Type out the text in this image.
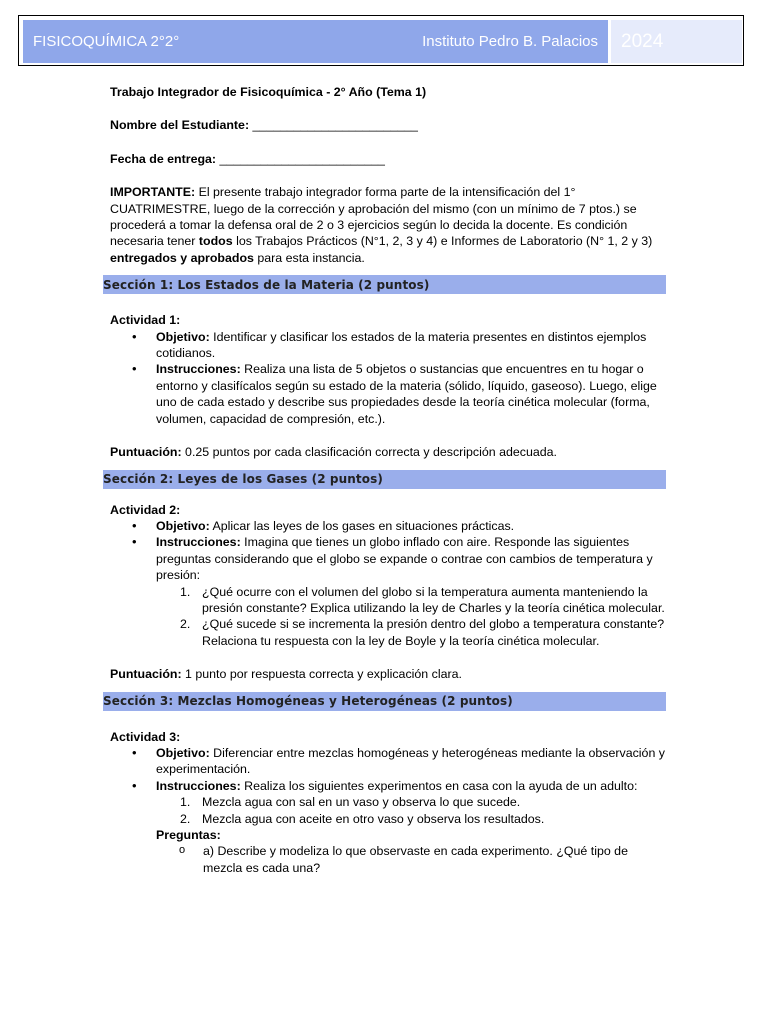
FISICOQUÍMICA 2°2°	Instituto Pedro B. Palacios 2024

Trabajo Integrador de Fisicoquímica - 2° Año (Tema 1)

Nombre del Estudiante: ________________________

Fecha de entrega: ________________________

IMPORTANTE: El presente trabajo integrador forma parte de la intensificación del 1° CUATRIMESTRE, luego de la corrección y aprobación del mismo (con un mínimo de 7 ptos.) se procederá a tomar la defensa oral de 2 o 3 ejercicios según lo decida la docente. Es condición necesaria tener todos los Trabajos Prácticos (N°1, 2, 3 y 4) e Informes de Laboratorio (N° 1, 2 y 3) entregados y aprobados para esta instancia.

Sección 1: Los Estados de la Materia (2 puntos)

Actividad 1:

• Objetivo: Identificar y clasificar los estados de la materia presentes en distintos ejemplos cotidianos.
• Instrucciones: Realiza una lista de 5 objetos o sustancias que encuentres en tu hogar o entorno y clasifícalos según su estado de la materia (sólido, líquido, gaseoso). Luego, elige uno de cada estado y describe sus propiedades desde la teoría cinética molecular (forma, volumen, capacidad de compresión, etc.).

Puntuación: 0.25 puntos por cada clasificación correcta y descripción adecuada.

Sección 2: Leyes de los Gases (2 puntos)

Actividad 2:

• Objetivo: Aplicar las leyes de los gases en situaciones prácticas.
• Instrucciones: Imagina que tienes un globo inflado con aire. Responde las siguientes preguntas considerando que el globo se expande o contrae con cambios de temperatura y presión:
1. ¿Qué ocurre con el volumen del globo si la temperatura aumenta manteniendo la presión constante? Explica utilizando la ley de Charles y la teoría cinética molecular.
2. ¿Qué sucede si se incrementa la presión dentro del globo a temperatura constante? Relaciona tu respuesta con la ley de Boyle y la teoría cinética molecular.

Puntuación: 1 punto por respuesta correcta y explicación clara.

Sección 3: Mezclas Homogéneas y Heterogéneas (2 puntos)

Actividad 3:

• Objetivo: Diferenciar entre mezclas homogéneas y heterogéneas mediante la observación y experimentación.
• Instrucciones: Realiza los siguientes experimentos en casa con la ayuda de un adulto:
1. Mezcla agua con sal en un vaso y observa lo que sucede.
2. Mezcla agua con aceite en otro vaso y observa los resultados.
Preguntas:
o a) Describe y modeliza lo que observaste en cada experimento. ¿Qué tipo de mezcla es cada una?
